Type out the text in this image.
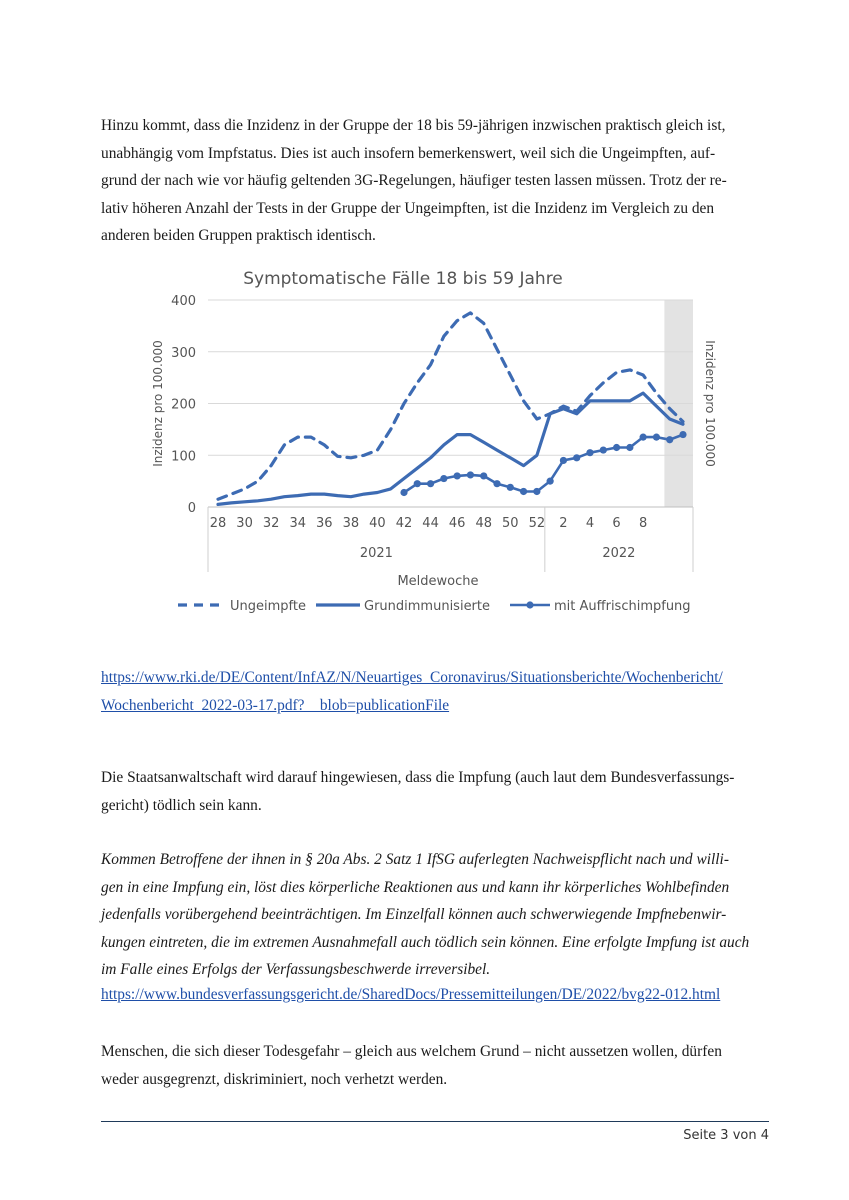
Hinzu kommt, dass die Inzidenz in der Gruppe der 18 bis 59-jährigen inzwischen praktisch gleich ist, unabhängig vom Impfstatus. Dies ist auch insofern bemerkenswert, weil sich die Ungeimpften, auf-grund der nach wie vor häufig geltenden 3G-Regelungen, häufiger testen lassen müssen. Trotz der re-lativ höheren Anzahl der Tests in der Gruppe der Ungeimpften, ist die Inzidenz im Vergleich zu den anderen beiden Gruppen praktisch identisch.

0
100
200
300
400
28 30 32 34 36 38 40 42 44 46 48 50 52 2 4 6 8
2021	2022
Symptomatische Fälle 18 bis 59 Jahre
Meldewoche
Inzidenz pro 100.000	Inzidenz pro 100.000
Ungeimpfte	Grundimmunisierte	mit Auffrischimpfung
https://www.rki.de/DE/Content/InfAZ/N/Neuartiges_Coronavirus/Situationsberichte/Wochenbericht/
Wochenbericht_2022-03-17.pdf?__blob=publicationFile

Die Staatsanwaltschaft wird darauf hingewiesen, dass die Impfung (auch laut dem Bundesverfassungs-gericht) tödlich sein kann.

Kommen Betroffene der ihnen in § 20a Abs. 2 Satz 1 IfSG auferlegten Nachweispflicht nach und willi-gen in eine Impfung ein, löst dies körperliche Reaktionen aus und kann ihr körperliches Wohlbefinden jedenfalls vorübergehend beeinträchtigen. Im Einzelfall können auch schwerwiegende Impfnebenwir-kungen eintreten, die im extremen Ausnahmefall auch tödlich sein können. Eine erfolgte Impfung ist auch im Falle eines Erfolgs der Verfassungsbeschwerde irreversibel.
https://www.bundesverfassungsgericht.de/SharedDocs/Pressemitteilungen/DE/2022/bvg22-012.html

Menschen, die sich dieser Todesgefahr – gleich aus welchem Grund – nicht aussetzen wollen, dürfen weder ausgegrenzt, diskriminiert, noch verhetzt werden.

Seite 3 von 4
